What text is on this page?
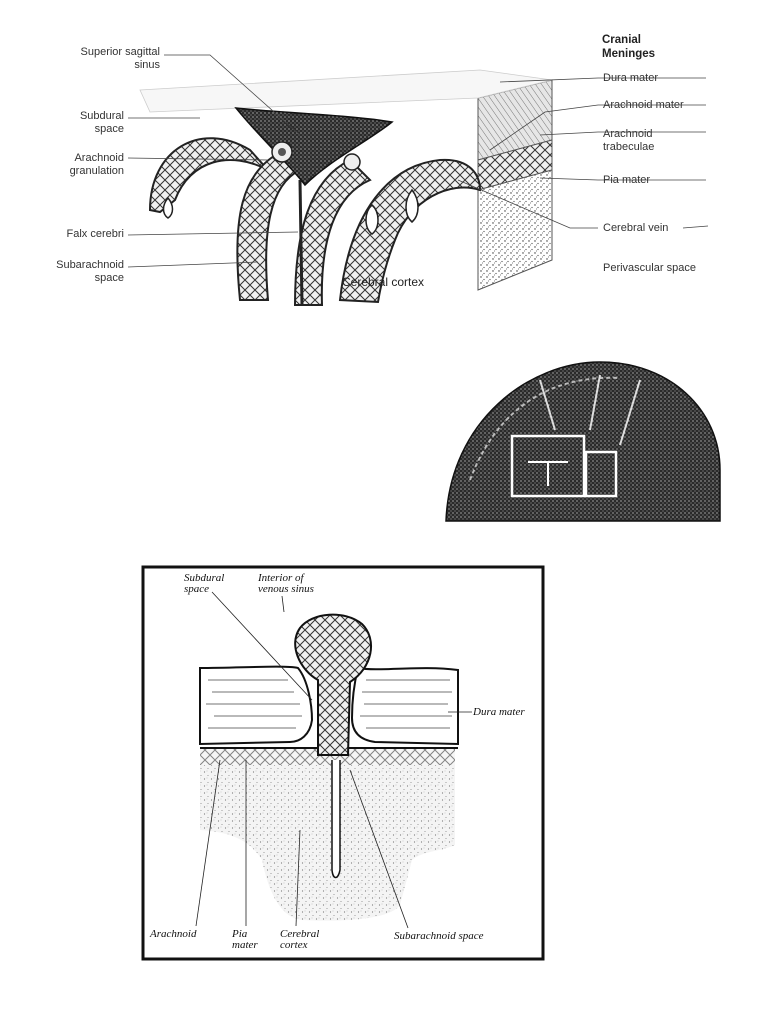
Cranial
Meninges
Superior sagittal
sinus
Subdural
space
Arachnoid
granulation
Falx cerebri
Subarachnoid
space
Dura mater
Arachnoid mater
Arachnoid
trabeculae
Pia mater
Cerebral vein
Perivascular space
Cerebral cortex
Subdural
space
Interior of
venous sinus
Dura mater
Arachnoid	Pia
mater
Cerebral
cortex
Subarachnoid space
